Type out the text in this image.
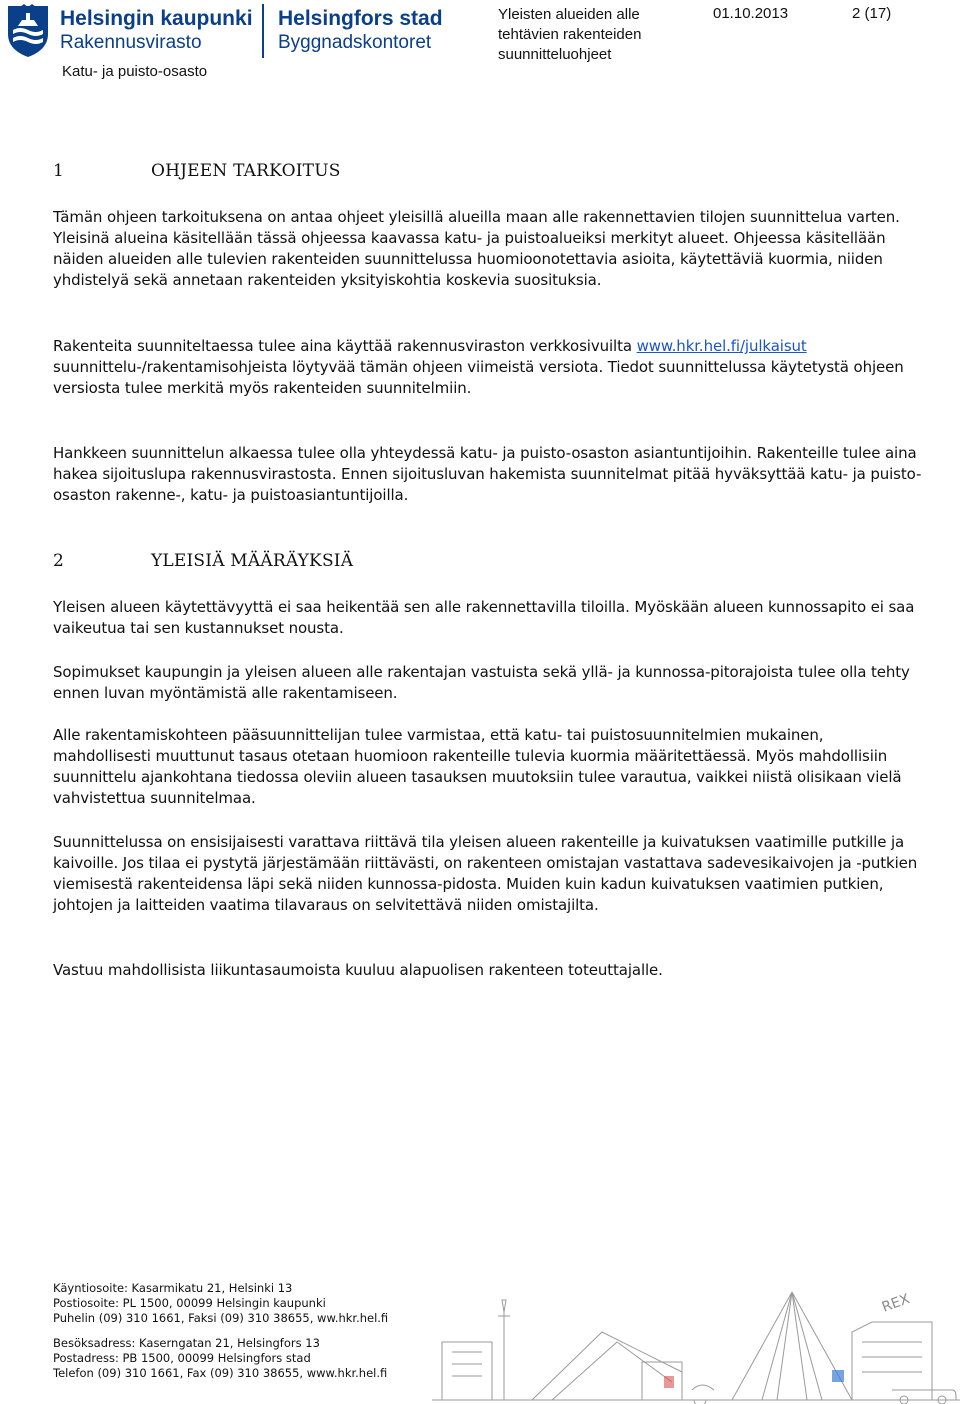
Helsingin kaupunki
Rakennusvirasto
Helsingfors stad
Byggnadskontoret
Katu- ja puisto-osasto
Yleisten alueiden alle tehtävien rakenteiden suunnitteluohjeet
01.10.2013	2 (17)
1	OHJEEN TARKOITUS

Tämän ohjeen tarkoituksena on antaa ohjeet yleisillä alueilla maan alle rakennettavien tilojen suunnittelua varten. Yleisinä alueina käsitellään tässä ohjeessa kaavassa katu- ja puistoalueiksi merkityt alueet. Ohjeessa käsitellään näiden alueiden alle tulevien rakenteiden suunnittelussa huomioonotettavia asioita, käytettäviä kuormia, niiden yhdistelyä sekä annetaan rakenteiden yksityiskohtia koskevia suosituksia.

Rakenteita suunniteltaessa tulee aina käyttää rakennusviraston verkkosivuilta www.hkr.hel.fi/julkaisut suunnittelu-/rakentamisohjeista löytyvää tämän ohjeen viimeistä versiota. Tiedot suunnittelussa käytetystä ohjeen versiosta tulee merkitä myös rakenteiden suunnitelmiin.

Hankkeen suunnittelun alkaessa tulee olla yhteydessä katu- ja puisto-osaston asiantuntijoihin. Rakenteille tulee aina hakea sijoituslupa rakennusvirastosta. Ennen sijoitusluvan hakemista suunnitelmat pitää hyväksyttää katu- ja puisto-osaston rakenne-, katu- ja puistoasiantuntijoilla.

2	YLEISIÄ MÄÄRÄYKSIÄ

Yleisen alueen käytettävyyttä ei saa heikentää sen alle rakennettavilla tiloilla. Myöskään alueen kunnossapito ei saa vaikeutua tai sen kustannukset nousta.

Sopimukset kaupungin ja yleisen alueen alle rakentajan vastuista sekä yllä- ja kunnossa-pitorajoista tulee olla tehty ennen luvan myöntämistä alle rakentamiseen.

Alle rakentamiskohteen pääsuunnittelijan tulee varmistaa, että katu- tai puistosuunnitelmien mukainen, mahdollisesti muuttunut tasaus otetaan huomioon rakenteille tulevia kuormia määritettäessä. Myös mahdollisiin suunnittelu ajankohtana tiedossa oleviin alueen tasauksen muutoksiin tulee varautua, vaikkei niistä olisikaan vielä vahvistettua suunnitelmaa.

Suunnittelussa on ensisijaisesti varattava riittävä tila yleisen alueen rakenteille ja kuivatuksen vaatimille putkille ja kaivoille. Jos tilaa ei pystytä järjestämään riittävästi, on rakenteen omistajan vastattava sadevesikaivojen ja -putkien viemisestä rakenteidensa läpi sekä niiden kunnossa-pidosta. Muiden kuin kadun kuivatuksen vaatimien putkien, johtojen ja laitteiden vaatima tilavaraus on selvitettävä niiden omistajilta.

Vastuu mahdollisista liikuntasaumoista kuuluu alapuolisen rakenteen toteuttajalle.

Käyntiosoite: Kasarmikatu 21, Helsinki 13
Postiosoite: PL 1500, 00099 Helsingin kaupunki
Puhelin (09) 310 1661, Faksi (09) 310 38655, ww.hkr.hel.fi
Besöksadress: Kaserngatan 21, Helsingfors 13
Postadress: PB 1500, 00099 Helsingfors stad
Telefon (09) 310 1661, Fax (09) 310 38655, www.hkr.hel.fi
REX
